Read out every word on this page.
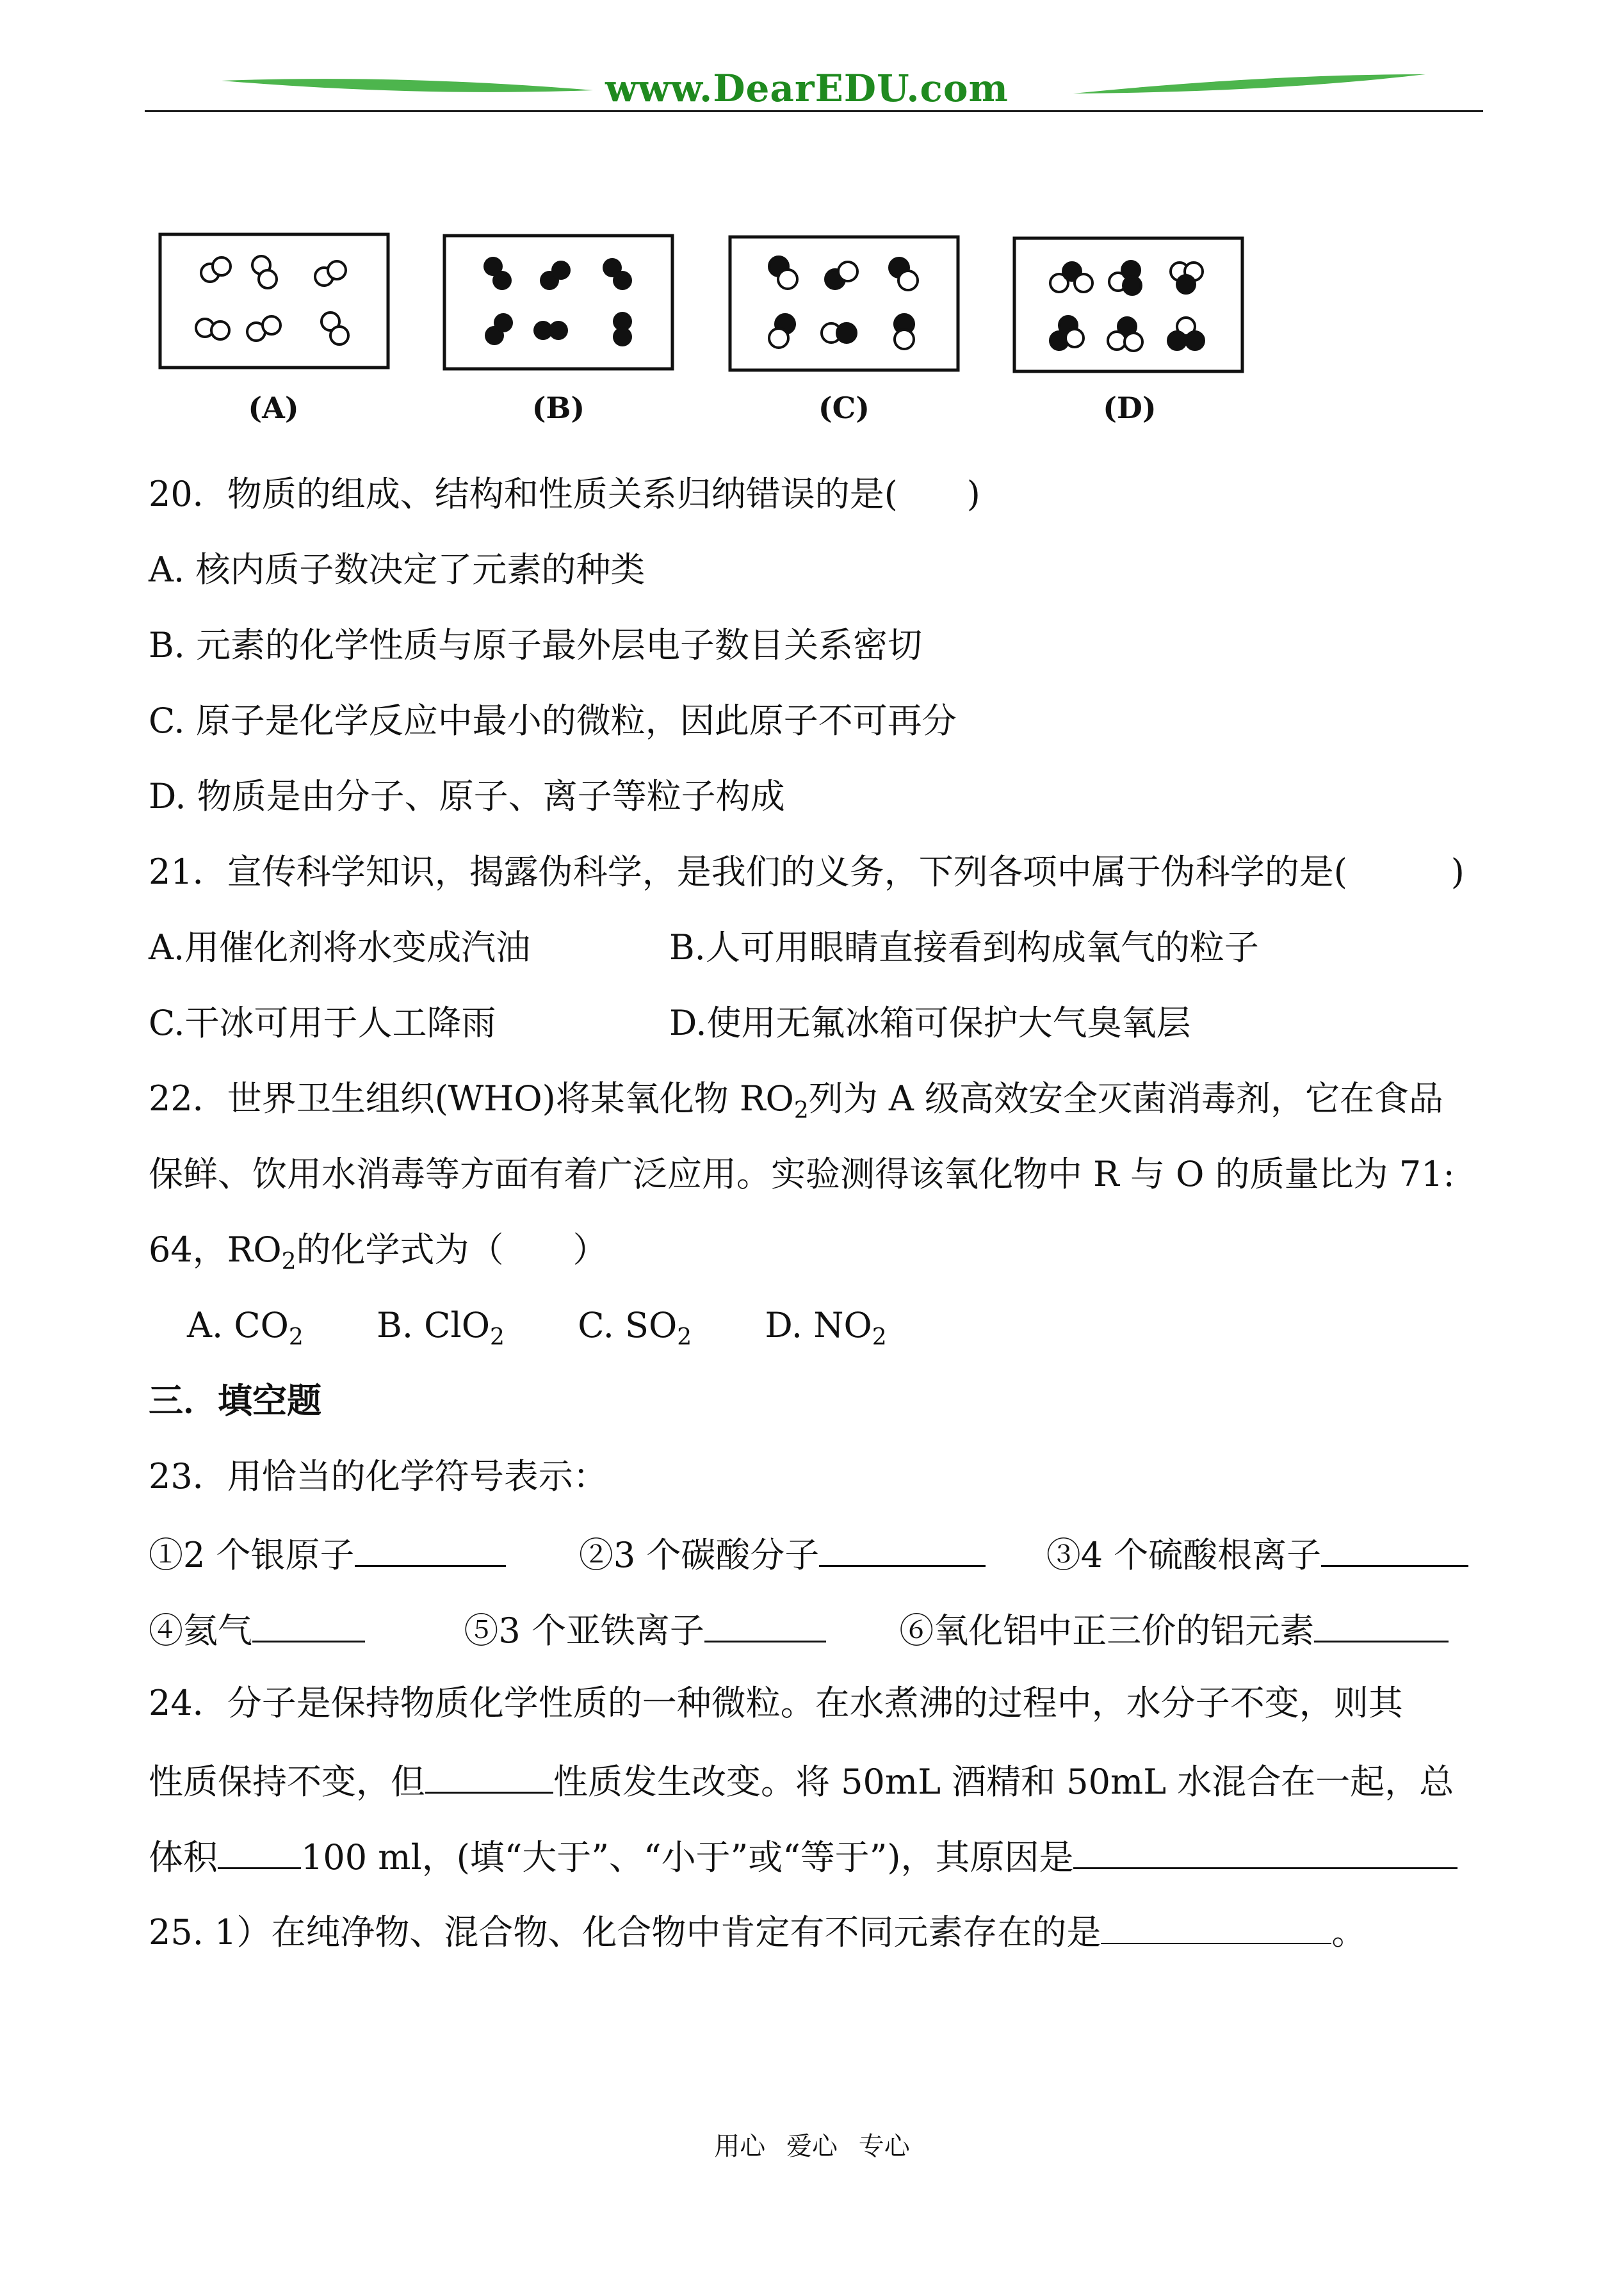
www.DearEDU.com
(A)	(B)	(C)	(D)
20．物质的组成、结构和性质关系归纳错误的是(　　)
A. 核内质子数决定了元素的种类
B. 元素的化学性质与原子最外层电子数目关系密切
C. 原子是化学反应中最小的微粒，因此原子不可再分
D. 物质是由分子、原子、离子等粒子构成
21．宣传科学知识，揭露伪科学，是我们的义务，下列各项中属于伪科学的是(　　　)
A.用催化剂将水变成汽油	B.人可用眼睛直接看到构成氧气的粒子
C.干冰可用于人工降雨	D.使用无氟冰箱可保护大气臭氧层
22．世界卫生组织(WHO)将某氧化物 $RO_2$列为 A 级高效安全灭菌消毒剂，它在食品
保鲜、饮用水消毒等方面有着广泛应用。实验测得该氧化物中 R 与 O 的质量比为 71:
64，$RO_2$的化学式为（　　）
A. $CO_2$ B. ClO$_2$ C. $SO_2$ D. $NO_2$
三．填空题
23．用恰当的化学符号表示：
①2 个银原子	②3 个碳酸分子	③4 个硫酸根离子
④氦气	⑤3 个亚铁离子	⑥氧化铝中正三价的铝元素
24．分子是保持物质化学性质的一种微粒。在水煮沸的过程中，水分子不变，则其
性质保持不变，但	性质发生改变。将 50mL 酒精和 50mL 水混合在一起，总
体积 100 ml，(填“大于”、“小于”或“等于”)，其原因是
25. 1）在纯净物、混合物、化合物中肯定有不同元素存在的是	。
用心 爱心 专心
